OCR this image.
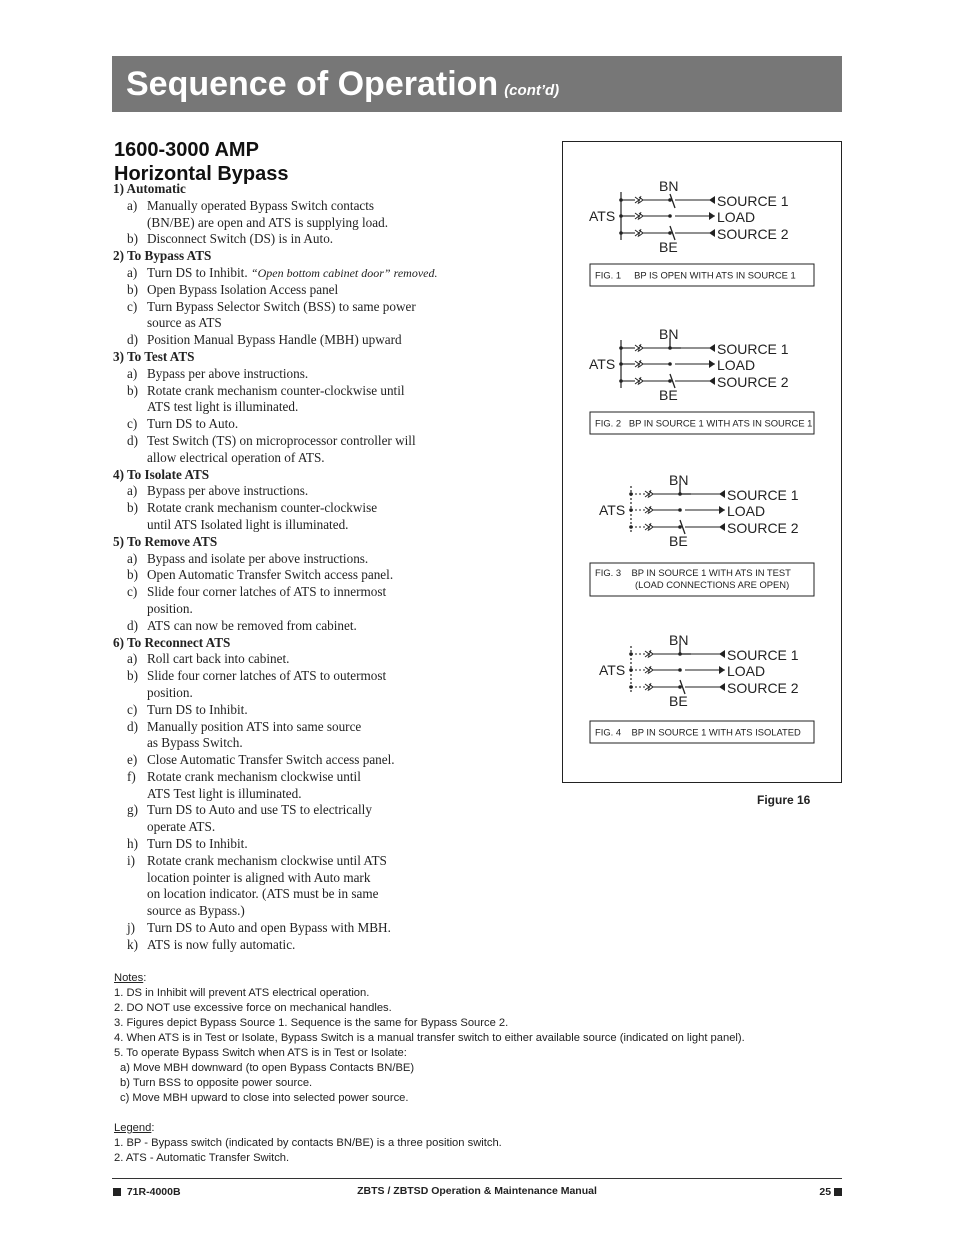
Sequence of Operation (cont’d)
1600-3000 AMP
Horizontal Bypass
1) Automatic
a) Manually operated Bypass Switch contacts
(BN/BE) are open and ATS is supplying load.
b) Disconnect Switch (DS) is in Auto.
2) To Bypass ATS
a) Turn DS to Inhibit. “Open bottom cabinet door” removed.
b) Open Bypass Isolation Access panel
c) Turn Bypass Selector Switch (BSS) to same power
source as ATS
d) Position Manual Bypass Handle (MBH) upward
3) To Test ATS
a) Bypass per above instructions.
b) Rotate crank mechanism counter-clockwise until
ATS test light is illuminated.
c) Turn DS to Auto.
d) Test Switch (TS) on microprocessor controller will
allow electrical operation of ATS.
4) To Isolate ATS
a) Bypass per above instructions.
b) Rotate crank mechanism counter-clockwise
until ATS Isolated light is illuminated.
5) To Remove ATS
a) Bypass and isolate per above instructions.
b) Open Automatic Transfer Switch access panel.
c) Slide four corner latches of ATS to innermost
position.
d) ATS can now be removed from cabinet.
6) To Reconnect ATS
a) Roll cart back into cabinet.
b) Slide four corner latches of ATS to outermost
position.
c) Turn DS to Inhibit.
d) Manually position ATS into same source
as Bypass Switch.
e) Close Automatic Transfer Switch access panel.
f) Rotate crank mechanism clockwise until
ATS Test light is illuminated.
g) Turn DS to Auto and use TS to electrically
operate ATS.
h) Turn DS to Inhibit.
i) Rotate crank mechanism clockwise until ATS
location pointer is aligned with Auto mark
on location indicator. (ATS must be in same
source as Bypass.)
j) Turn DS to Auto and open Bypass with MBH.
k) ATS is now fully automatic.
BN
BE
ATS
SOURCE 1
LOAD
SOURCE 2
BN
BE
ATS
SOURCE 1
LOAD
SOURCE 2
BN
BE
ATS
SOURCE 1
LOAD
SOURCE 2
BN
BE
ATS
SOURCE 1
LOAD
SOURCE 2
FIG. 1     BP IS OPEN WITH ATS IN SOURCE 1
FIG. 2   BP IN SOURCE 1 WITH ATS IN SOURCE 1
FIG. 3    BP IN SOURCE 1 WITH ATS IN TEST
(LOAD CONNECTIONS ARE OPEN)
FIG. 4    BP IN SOURCE 1 WITH ATS ISOLATED
Figure 16
Notes:
1. DS in Inhibit will prevent ATS electrical operation.
2. DO NOT use excessive force on mechanical handles.
3. Figures depict Bypass Source 1. Sequence is the same for Bypass Source 2.
4. When ATS is in Test or Isolate, Bypass Switch is a manual transfer switch to either available source (indicated on light panel).
5. To operate Bypass Switch when ATS is in Test or Isolate:
a) Move MBH downward (to open Bypass Contacts BN/BE)
b) Turn BSS to opposite power source.
c) Move MBH upward to close into selected power source.
Legend:
1. BP - Bypass switch (indicated by contacts BN/BE) is a three position switch.
2. ATS - Automatic Transfer Switch.
71R-4000B	ZBTS / ZBTSD Operation & Maintenance Manual	25
